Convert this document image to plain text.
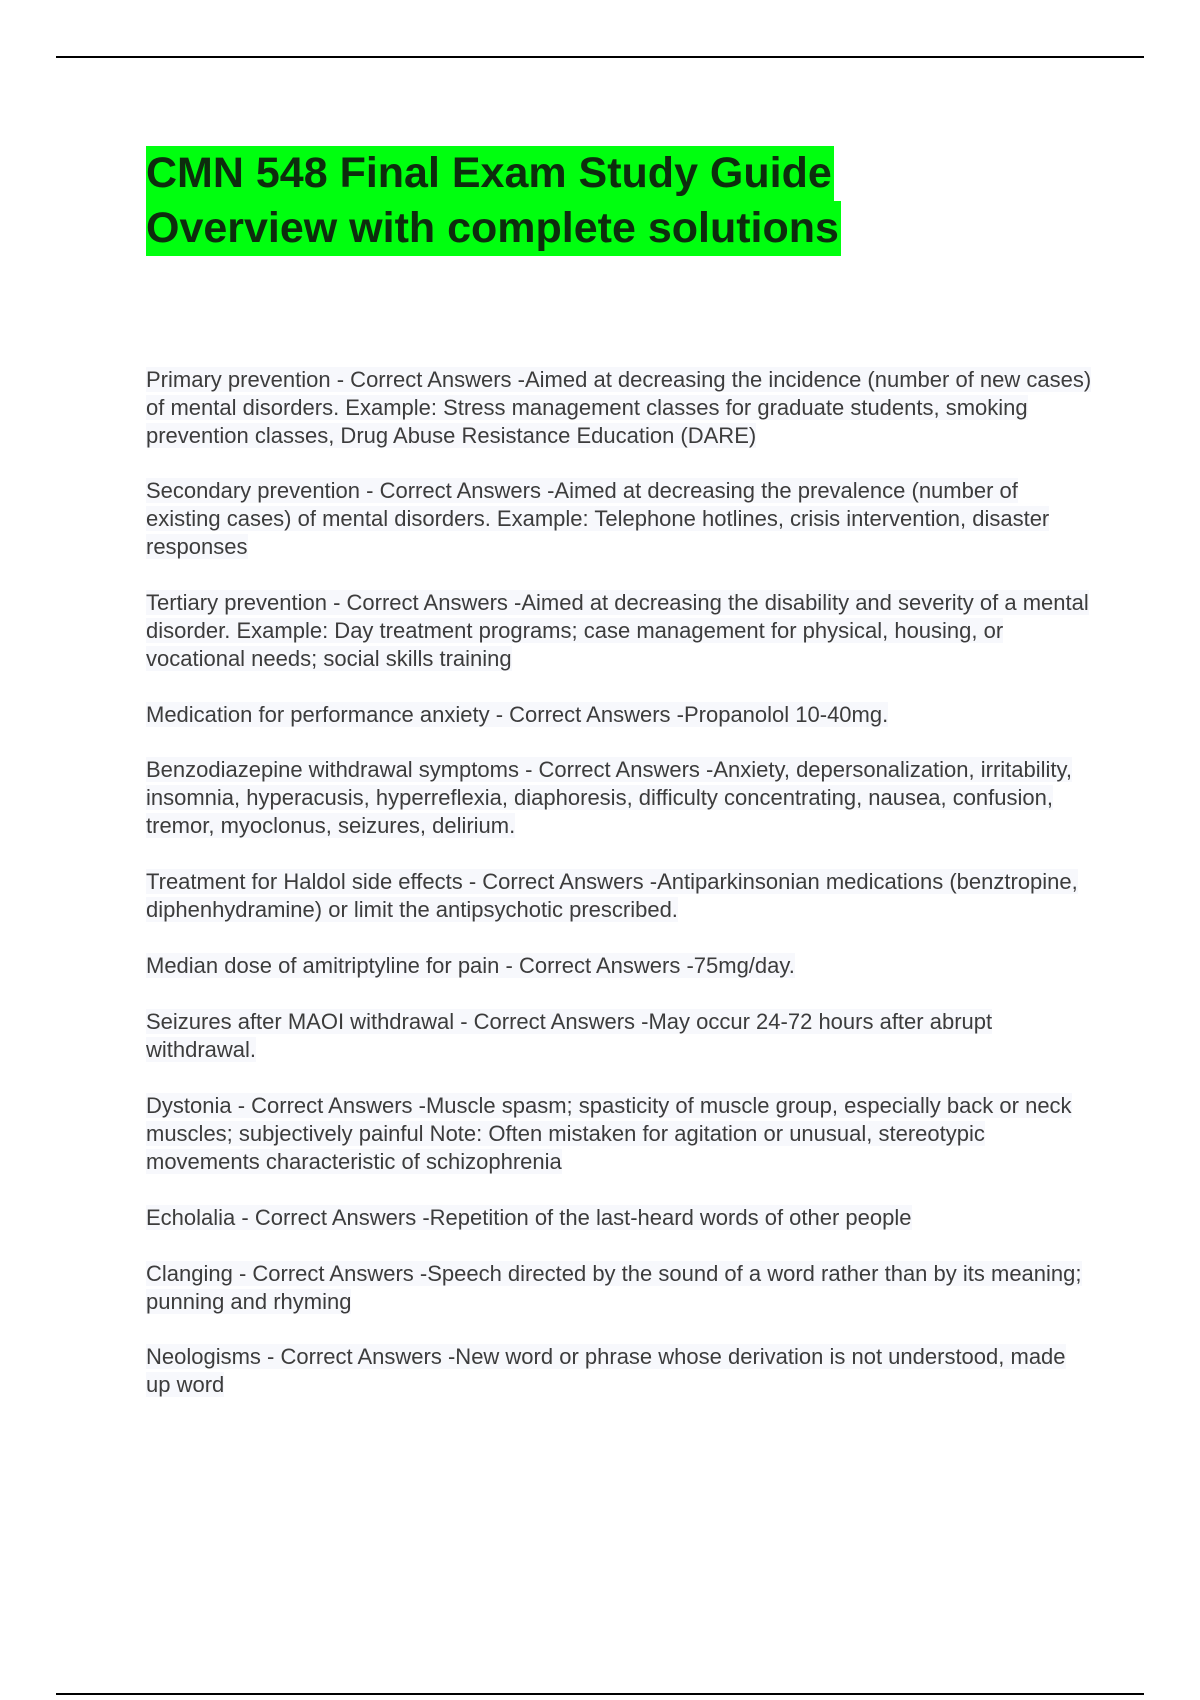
CMN 548 Final Exam Study Guide
Overview with complete solutions
Primary prevention - Correct Answers -Aimed at decreasing the incidence (number of new cases) of mental disorders. Example: Stress management classes for graduate students, smoking prevention classes, Drug Abuse Resistance Education (DARE)
Secondary prevention - Correct Answers -Aimed at decreasing the prevalence (number of existing cases) of mental disorders. Example: Telephone hotlines, crisis intervention, disaster responses
Tertiary prevention - Correct Answers -Aimed at decreasing the disability and severity of a mental disorder. Example: Day treatment programs; case management for physical, housing, or vocational needs; social skills training
Medication for performance anxiety - Correct Answers -Propanolol 10-40mg.
Benzodiazepine withdrawal symptoms - Correct Answers -Anxiety, depersonalization, irritability, insomnia, hyperacusis, hyperreflexia, diaphoresis, difficulty concentrating, nausea, confusion, tremor, myoclonus, seizures, delirium.
Treatment for Haldol side effects - Correct Answers -Antiparkinsonian medications (benztropine, diphenhydramine) or limit the antipsychotic prescribed.
Median dose of amitriptyline for pain - Correct Answers -75mg/day.
Seizures after MAOI withdrawal - Correct Answers -May occur 24-72 hours after abrupt withdrawal.
Dystonia - Correct Answers -Muscle spasm; spasticity of muscle group, especially back or neck muscles; subjectively painful Note: Often mistaken for agitation or unusual, stereotypic movements characteristic of schizophrenia
Echolalia - Correct Answers -Repetition of the last-heard words of other people
Clanging - Correct Answers -Speech directed by the sound of a word rather than by its meaning; punning and rhyming
Neologisms - Correct Answers -New word or phrase whose derivation is not understood, made up word
